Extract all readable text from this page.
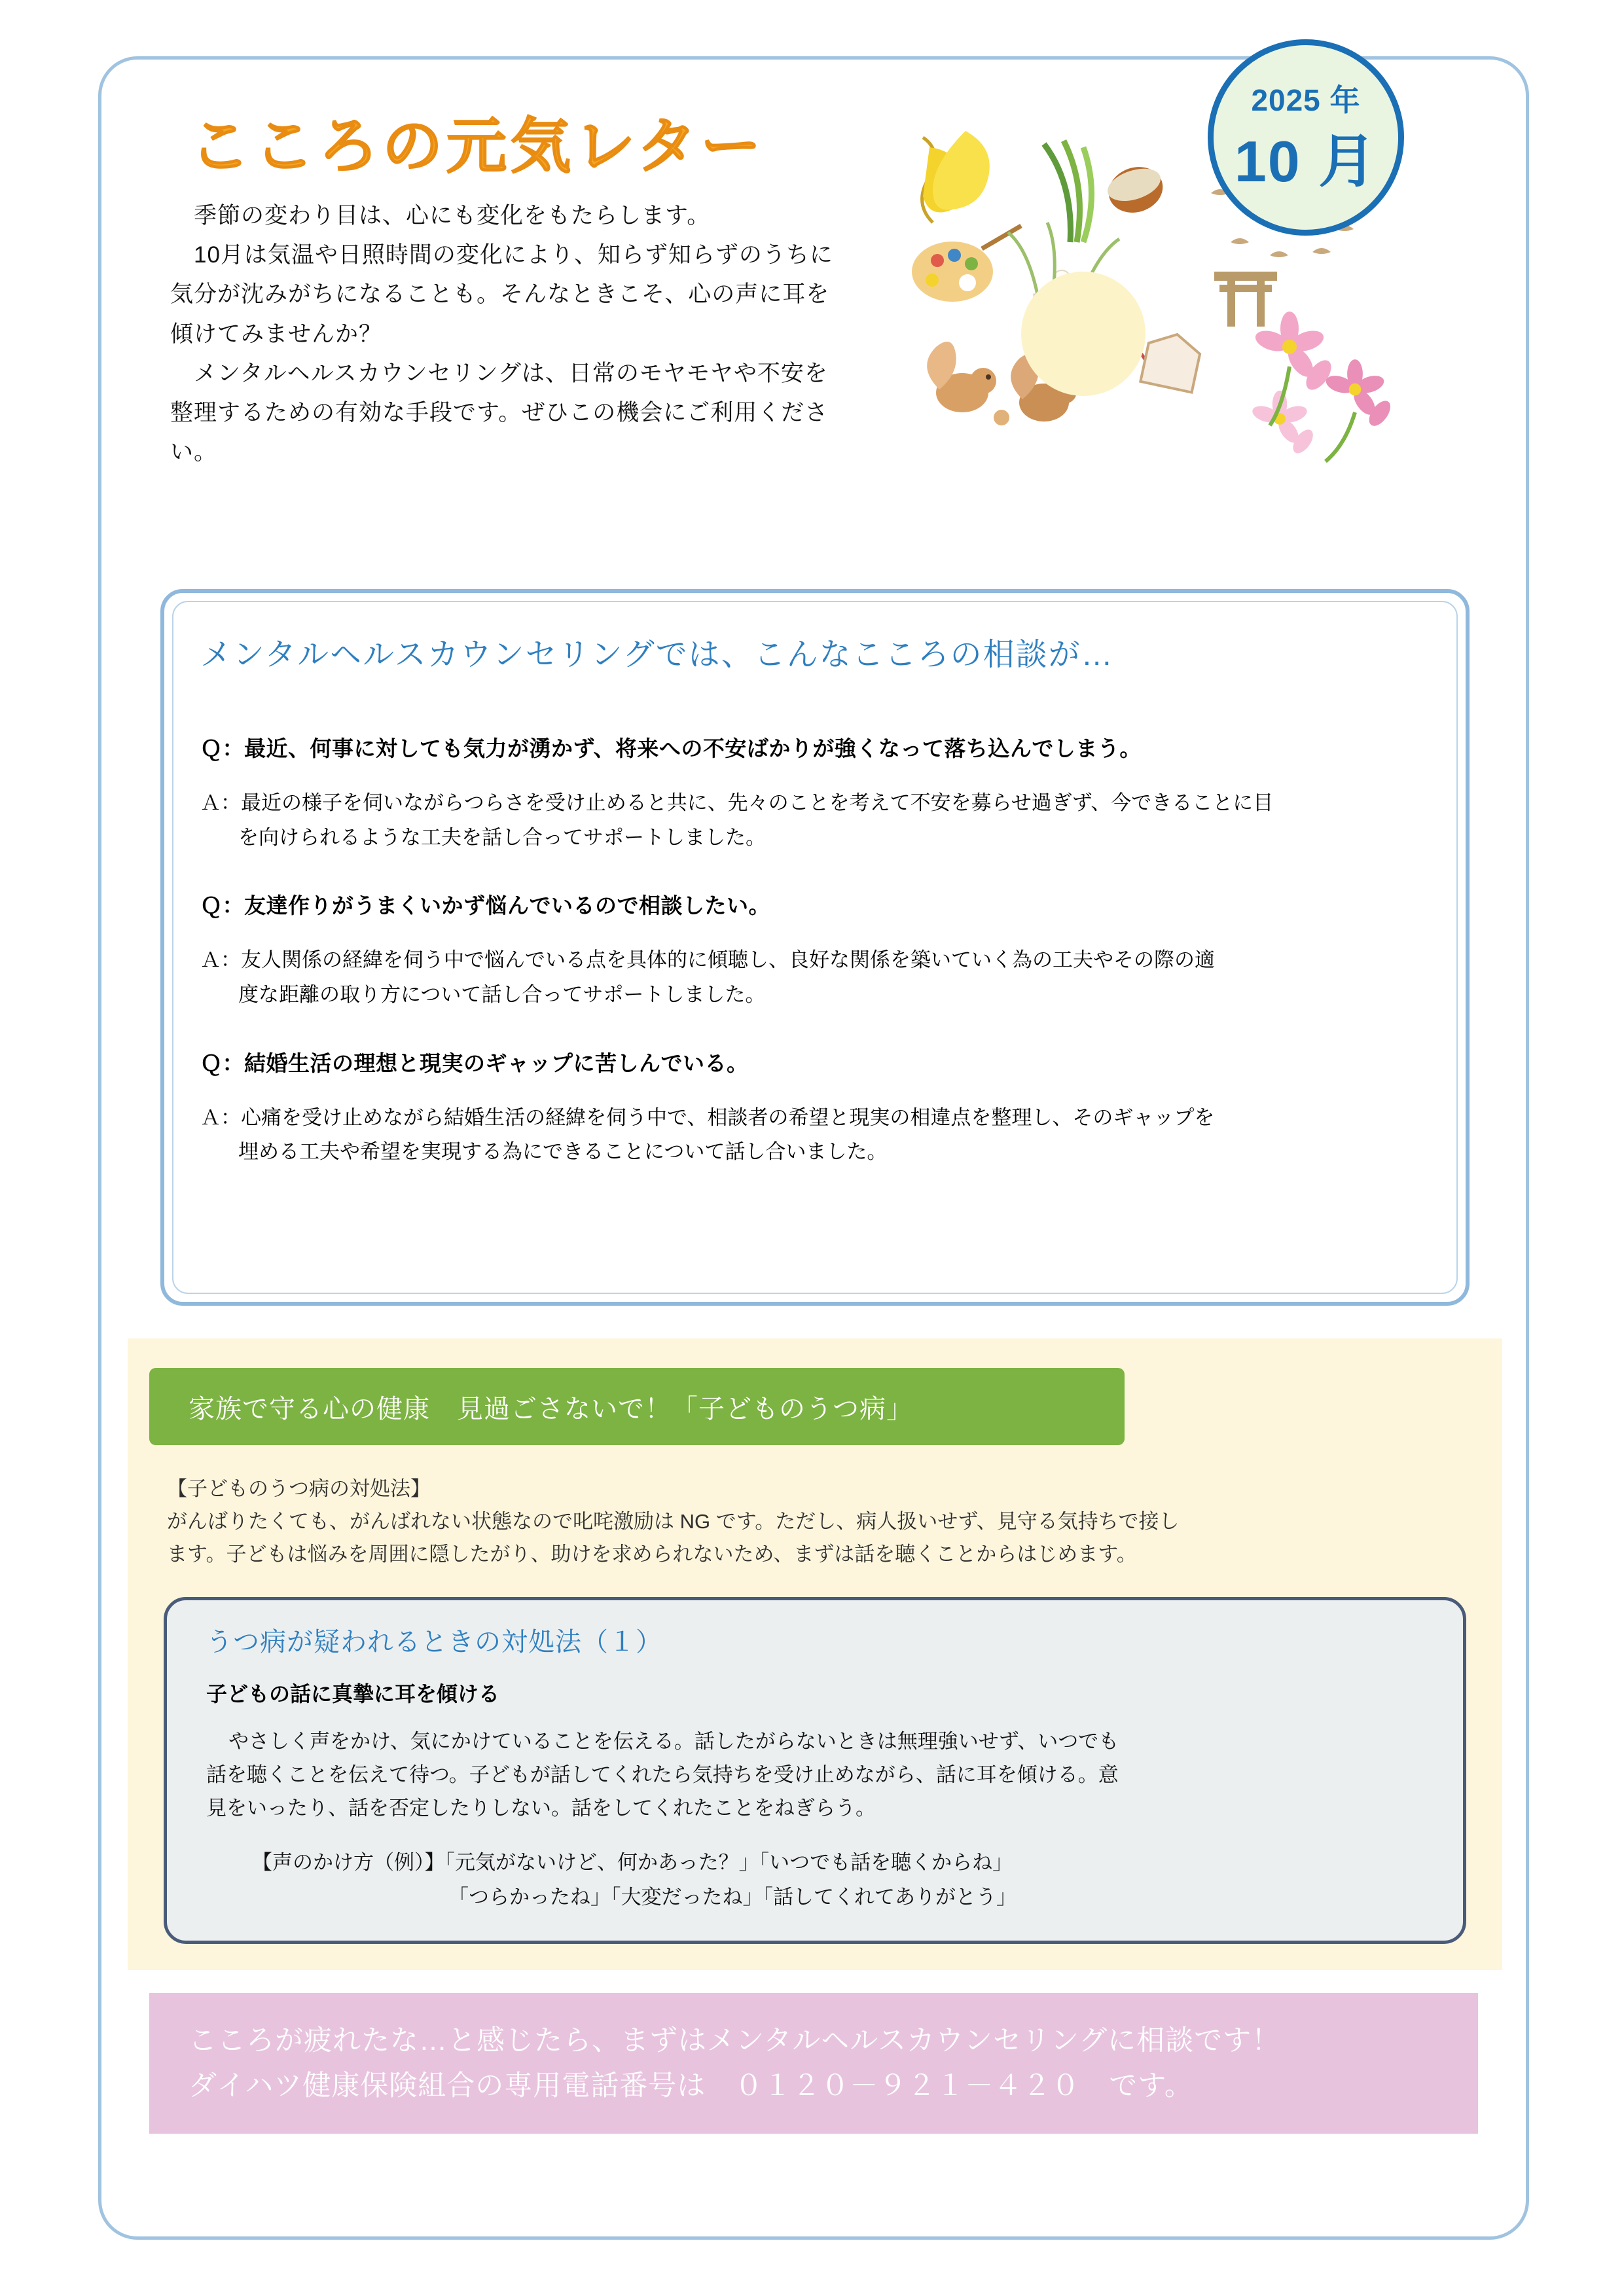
こころの元気レター

季節の変わり目は、心にも変化をもたらします。

10月は気温や日照時間の変化により、知らず知らずのうちに気分が沈みがちになることも。そんなときこそ、心の声に耳を傾けてみませんか？

メンタルヘルスカウンセリングは、日常のモヤモヤや不安を整理するための有効な手段です。ぜひこの機会にご利用ください。

2025 年
10 月
メンタルヘルスカウンセリングでは、こんなこころの相談が…
Ｑ：最近、何事に対しても気力が湧かず、将来への不安ばかりが強くなって落ち込んでしまう。
Ａ：最近の様子を伺いながらつらさを受け止めると共に、先々のことを考えて不安を募らせ過ぎず、今できることに目
を向けられるような工夫を話し合ってサポートしました。
Ｑ：友達作りがうまくいかず悩んでいるので相談したい。
Ａ：友人関係の経緯を伺う中で悩んでいる点を具体的に傾聴し、良好な関係を築いていく為の工夫やその際の適
度な距離の取り方について話し合ってサポートしました。
Ｑ：結婚生活の理想と現実のギャップに苦しんでいる。
Ａ：心痛を受け止めながら結婚生活の経緯を伺う中で、相談者の希望と現実の相違点を整理し、そのギャップを
埋める工夫や希望を実現する為にできることについて話し合いました。
家族で守る心の健康　見過ごさないで！「子どものうつ病」
【子どものうつ病の対処法】
がんばりたくても、がんばれない状態なので叱咤激励は NG です。ただし、病人扱いせず、見守る気持ちで接し
ます。子どもは悩みを周囲に隠したがり、助けを求められないため、まずは話を聴くことからはじめます。
うつ病が疑われるときの対処法（１）
子どもの話に真摯に耳を傾ける

やさしく声をかけ、気にかけていることを伝える。話したがらないときは無理強いせず、いつでも

話を聴くことを伝えて待つ。子どもが話してくれたら気持ちを受け止めながら、話に耳を傾ける。意

見をいったり、話を否定したりしない。話をしてくれたことをねぎらう。

【声のかけ方（例）】「元気がないけど、何かあった？」「いつでも話を聴くからね」
「つらかったね」「大変だったね」「話してくれてありがとう」
こころが疲れたな…と感じたら、まずはメンタルヘルスカウンセリングに相談です！
ダイハツ健康保険組合の専用電話番号は　０１２０－９２１－４２０　です。
